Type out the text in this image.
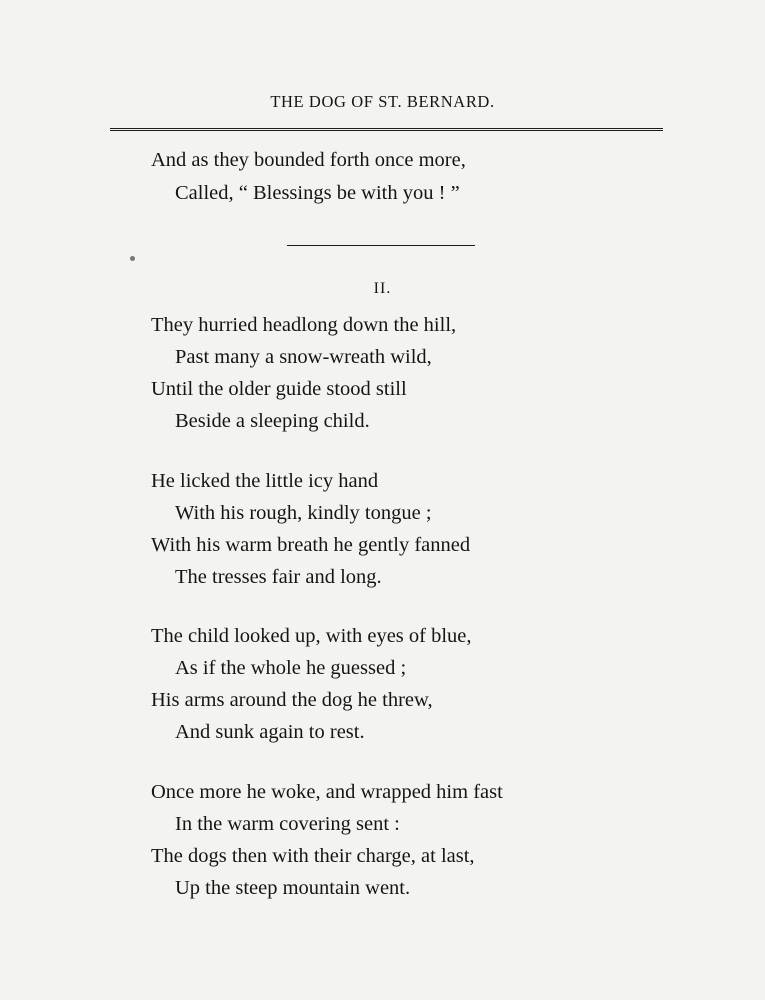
THE DOG OF ST. BERNARD.
And as they bounded forth once more,
Called, “ Blessings be with you ! ”
II.
They hurried headlong down the hill,
Past many a snow-wreath wild,
Until the older guide stood still
Beside a sleeping child.
He licked the little icy hand
With his rough, kindly tongue ;
With his warm breath he gently fanned
The tresses fair and long.
The child looked up, with eyes of blue,
As if the whole he guessed ;
His arms around the dog he threw,
And sunk again to rest.
Once more he woke, and wrapped him fast
In the warm covering sent :
The dogs then with their charge, at last,
Up the steep mountain went.
